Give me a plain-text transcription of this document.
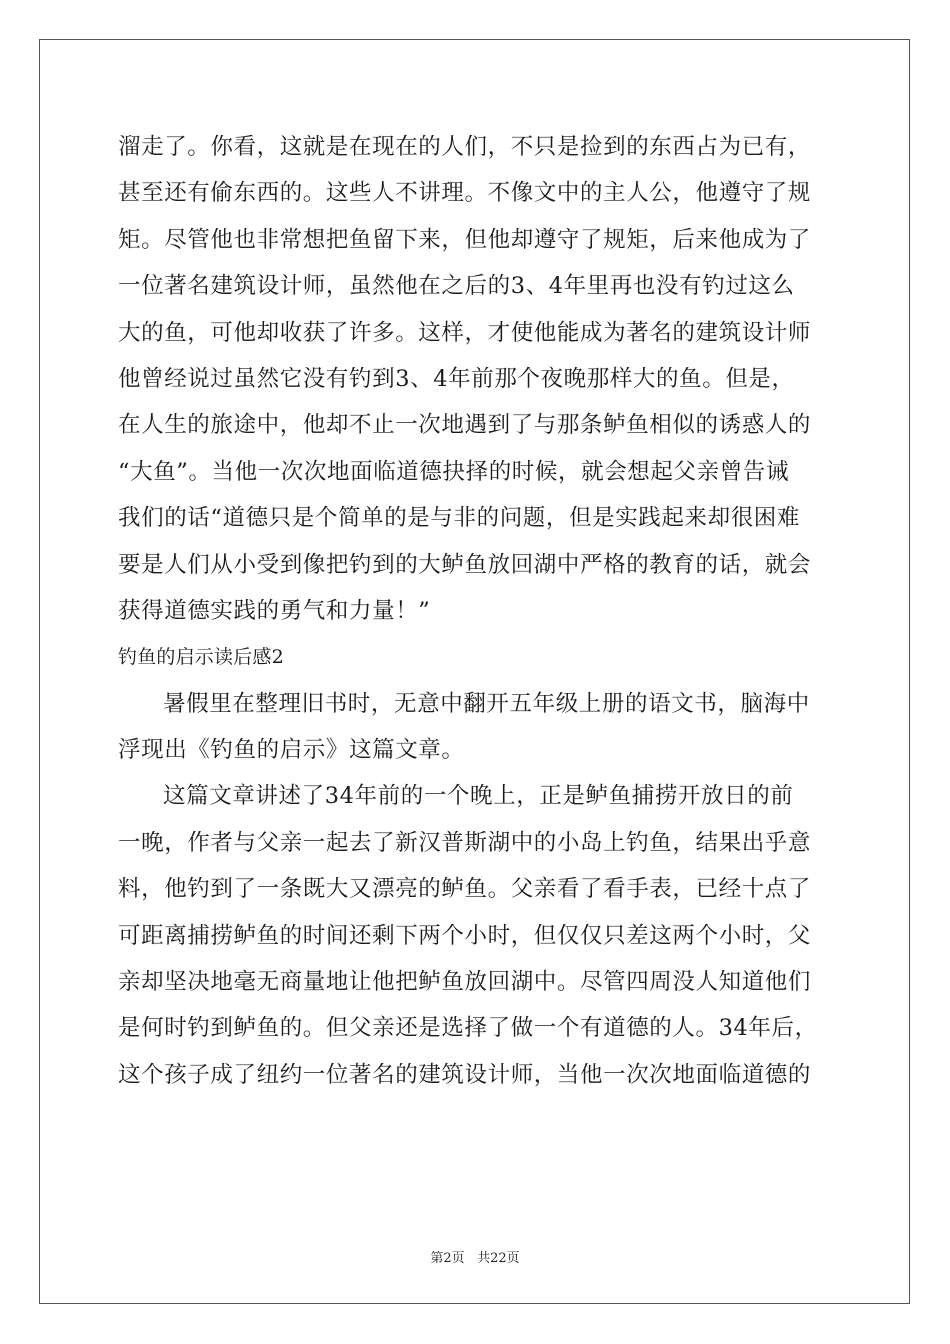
溜走了。你看，这就是在现在的人们，不只是捡到的东西占为已有，
甚至还有偷东西的。这些人不讲理。不像文中的主人公，他遵守了规
矩。尽管他也非常想把鱼留下来，但他却遵守了规矩，后来他成为了
一位著名建筑设计师，虽然他在之后的3、4年里再也没有钓过这么
大的鱼，可他却收获了许多。这样，才使他能成为著名的建筑设计师
他曾经说过虽然它没有钓到3、4年前那个夜晚那样大的鱼。但是，
在人生的旅途中，他却不止一次地遇到了与那条鲈鱼相似的诱惑人的
“大鱼”。当他一次次地面临道德抉择的时候，就会想起父亲曾告诫
我们的话“道德只是个简单的是与非的问题，但是实践起来却很困难
要是人们从小受到像把钓到的大鲈鱼放回湖中严格的教育的话，就会
获得道德实践的勇气和力量！”
钓鱼的启示读后感2
暑假里在整理旧书时，无意中翻开五年级上册的语文书，脑海中
浮现出《钓鱼的启示》这篇文章。
这篇文章讲述了34年前的一个晚上，正是鲈鱼捕捞开放日的前
一晚，作者与父亲一起去了新汉普斯湖中的小岛上钓鱼，结果出乎意
料，他钓到了一条既大又漂亮的鲈鱼。父亲看了看手表，已经十点了
可距离捕捞鲈鱼的时间还剩下两个小时，但仅仅只差这两个小时，父
亲却坚决地毫无商量地让他把鲈鱼放回湖中。尽管四周没人知道他们
是何时钓到鲈鱼的。但父亲还是选择了做一个有道德的人。34年后，
这个孩子成了纽约一位著名的建筑设计师，当他一次次地面临道德的
第2页 共22页
